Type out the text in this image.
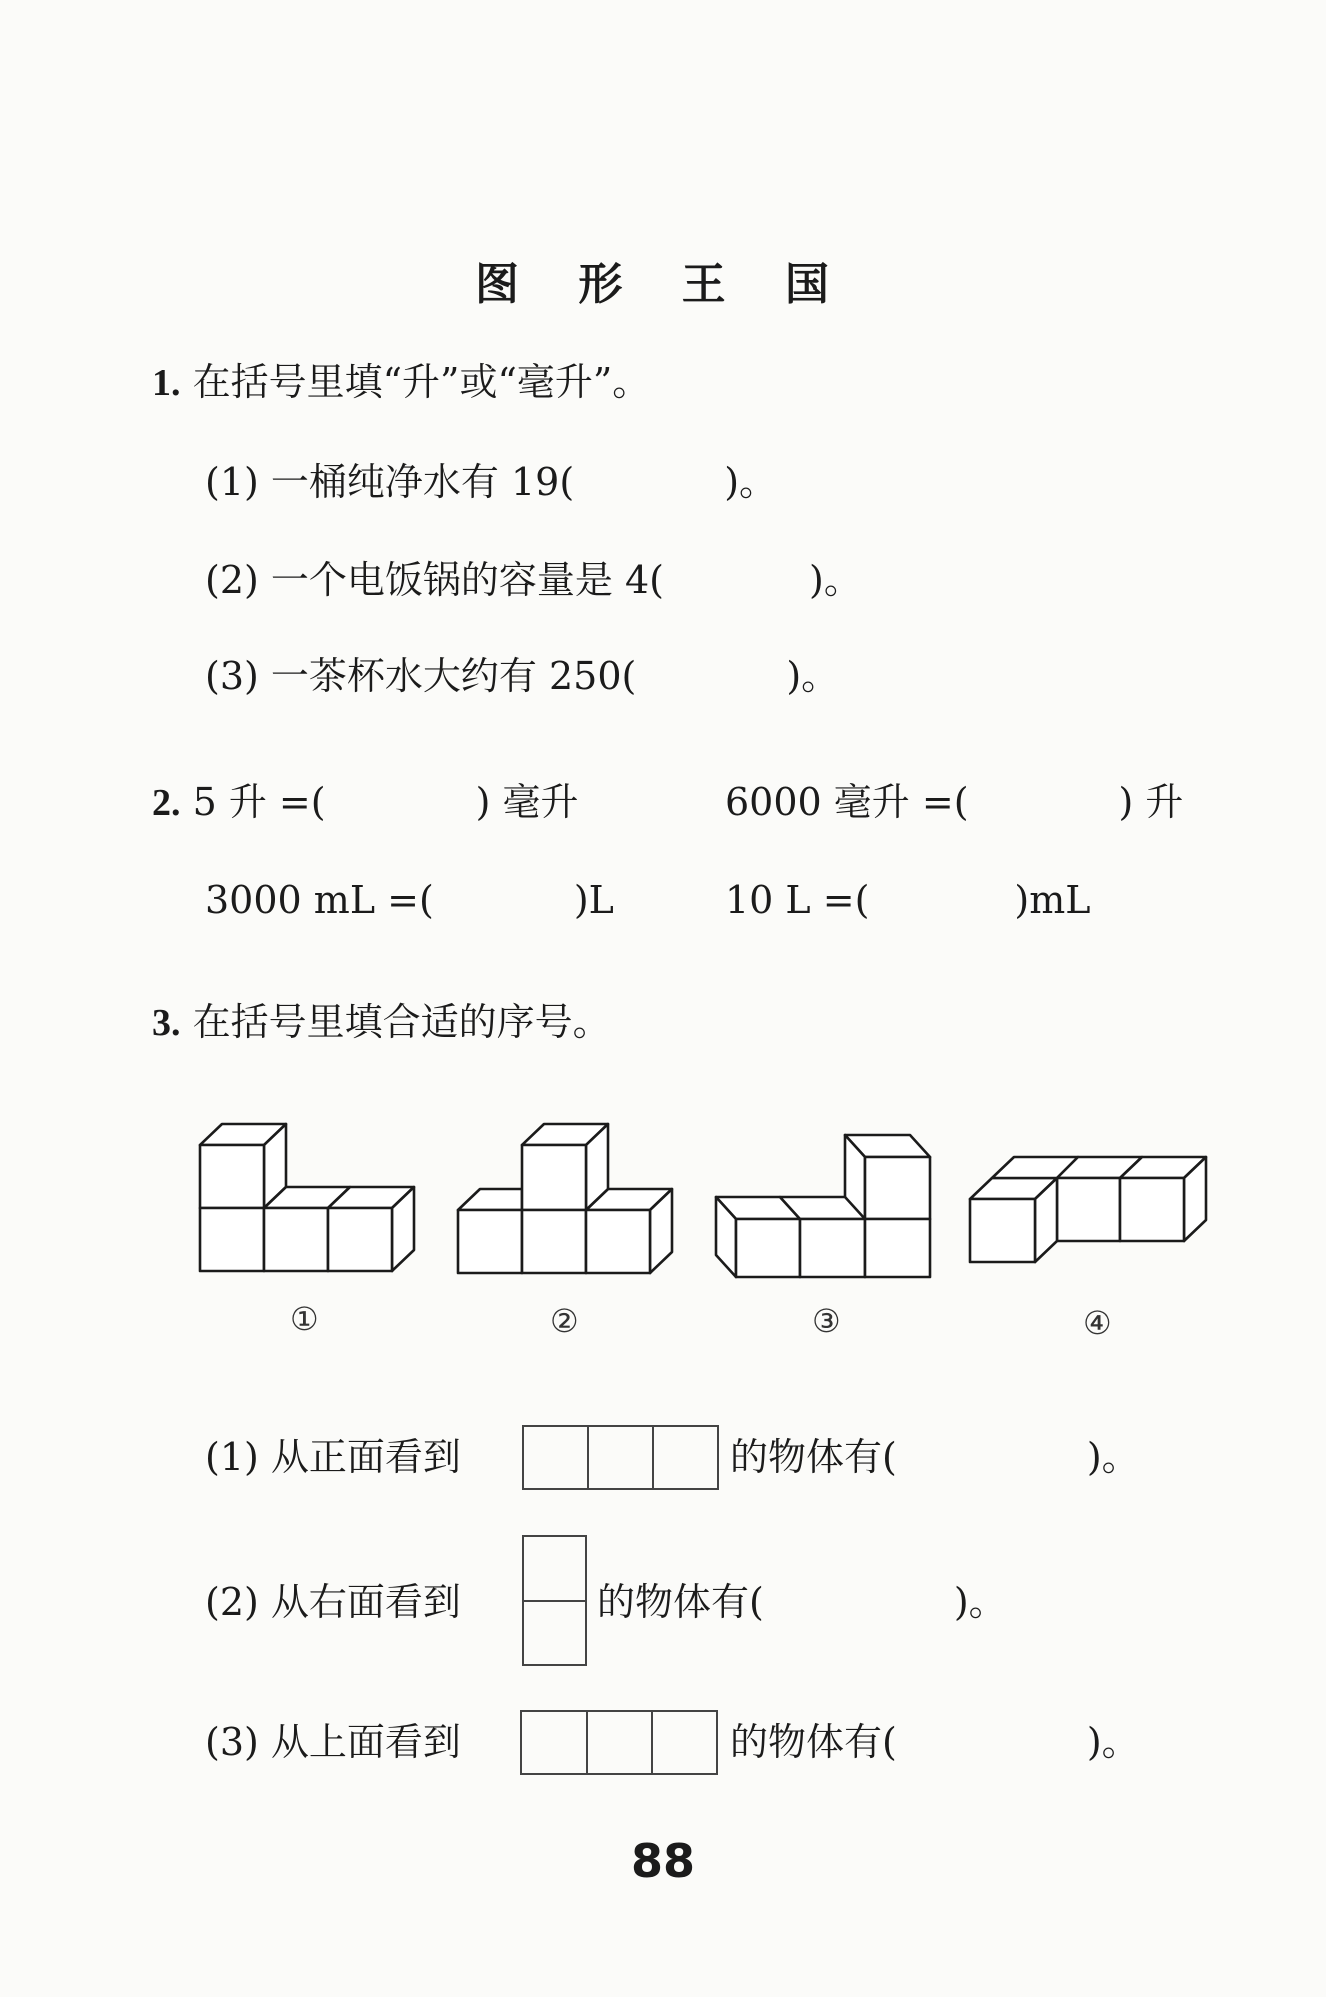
图 形 王 国
1. 在括号里填“升”或“毫升”。
(1) 一桶纯净水有 19(	)。
(2) 一个电饭锅的容量是 4(	)。
(3) 一茶杯水大约有 250(	)。
2. 5 升 =(	) 毫升	6000 毫升 =(	) 升
3000 mL =(	)L	10 L =(	)mL
3. 在括号里填合适的序号。
①	②	③	④
(1) 从正面看到	的物体有(	)。
(2) 从右面看到	的物体有(	)。
(3) 从上面看到	的物体有(	)。
88
